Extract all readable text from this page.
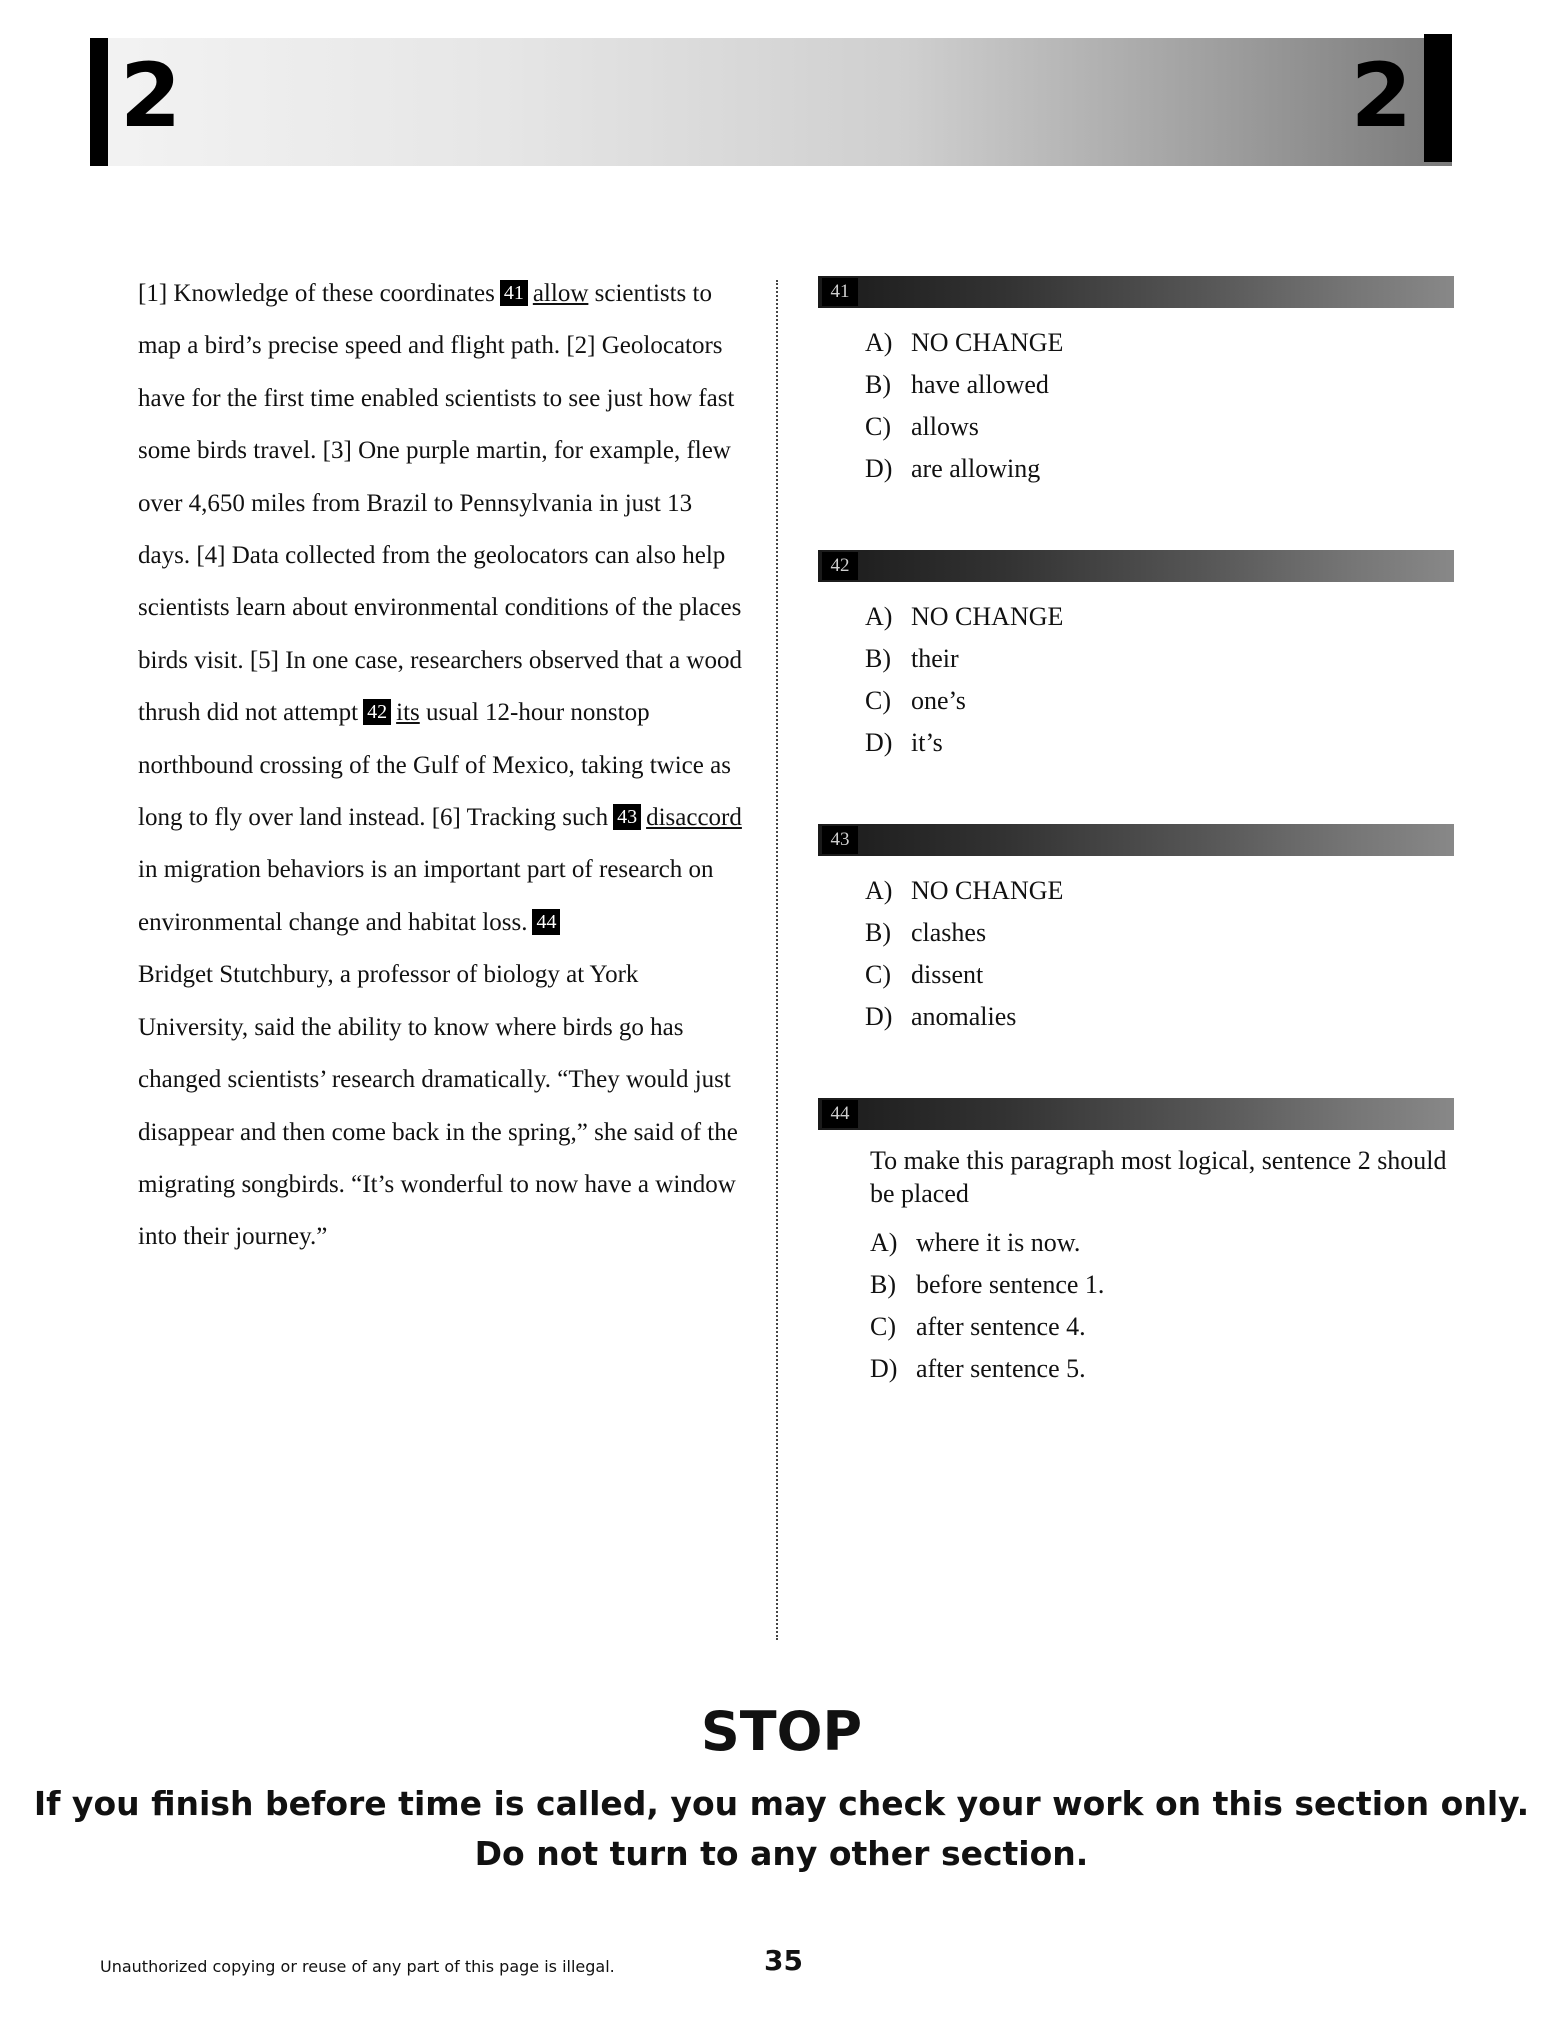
2	2

[1] Knowledge of these coordinates 41 allow scientists to map a bird’s precise speed and flight path. [2] Geolocators have for the first time enabled scientists to see just how fast some birds travel. [3] One purple martin, for example, flew over 4,650 miles from Brazil to Pennsylvania in just 13 days. [4] Data collected from the geolocators can also help scientists learn about environmental conditions of the places birds visit. [5] In one case, researchers observed that a wood thrush did not attempt 42 its usual 12-hour nonstop northbound crossing of the Gulf of Mexico, taking twice as long to fly over land instead. [6] Tracking such 43 disaccord in migration behaviors is an important part of research on environmental change and habitat loss. 44

Bridget Stutchbury, a professor of biology at York University, said the ability to know where birds go has changed scientists’ research dramatically. “They would just disappear and then come back in the spring,” she said of the migrating songbirds. “It’s wonderful to now have a window into their journey.”

41
A) NO CHANGE
B) have allowed
C) allows
D) are allowing
42
A) NO CHANGE
B) their
C) one’s
D) it’s
43
A) NO CHANGE
B) clashes
C) dissent
D) anomalies
44
To make this paragraph most logical, sentence 2 should be placed
A) where it is now.
B) before sentence 1.
C) after sentence 4.
D) after sentence 5.
STOP
If you finish before time is called, you may check your work on this section only.
Do not turn to any other section.
Unauthorized copying or reuse of any part of this page is illegal.	35
